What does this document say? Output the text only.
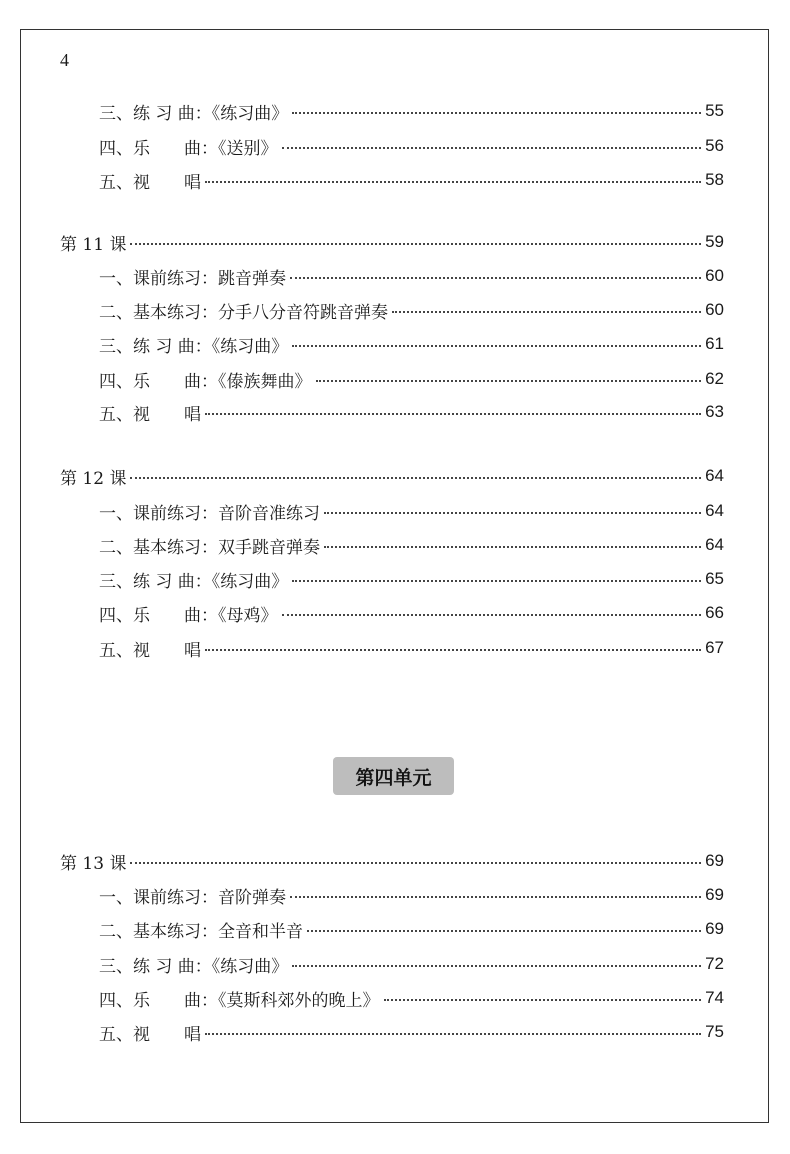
4
三、练 习 曲：《练习曲》	55
四、乐　　曲：《送别》	56
五、视　　唱	58
第 11 课	59
一、课前练习：跳音弹奏	60
二、基本练习：分手八分音符跳音弹奏	60
三、练 习 曲：《练习曲》	61
四、乐　　曲：《傣族舞曲》	62
五、视　　唱	63
第 12 课	64
一、课前练习：音阶音准练习	64
二、基本练习：双手跳音弹奏	64
三、练 习 曲：《练习曲》	65
四、乐　　曲：《母鸡》	66
五、视　　唱	67
第四单元
第 13 课	69
一、课前练习：音阶弹奏	69
二、基本练习：全音和半音	69
三、练 习 曲：《练习曲》	72
四、乐　　曲：《莫斯科郊外的晚上》	74
五、视　　唱	75
